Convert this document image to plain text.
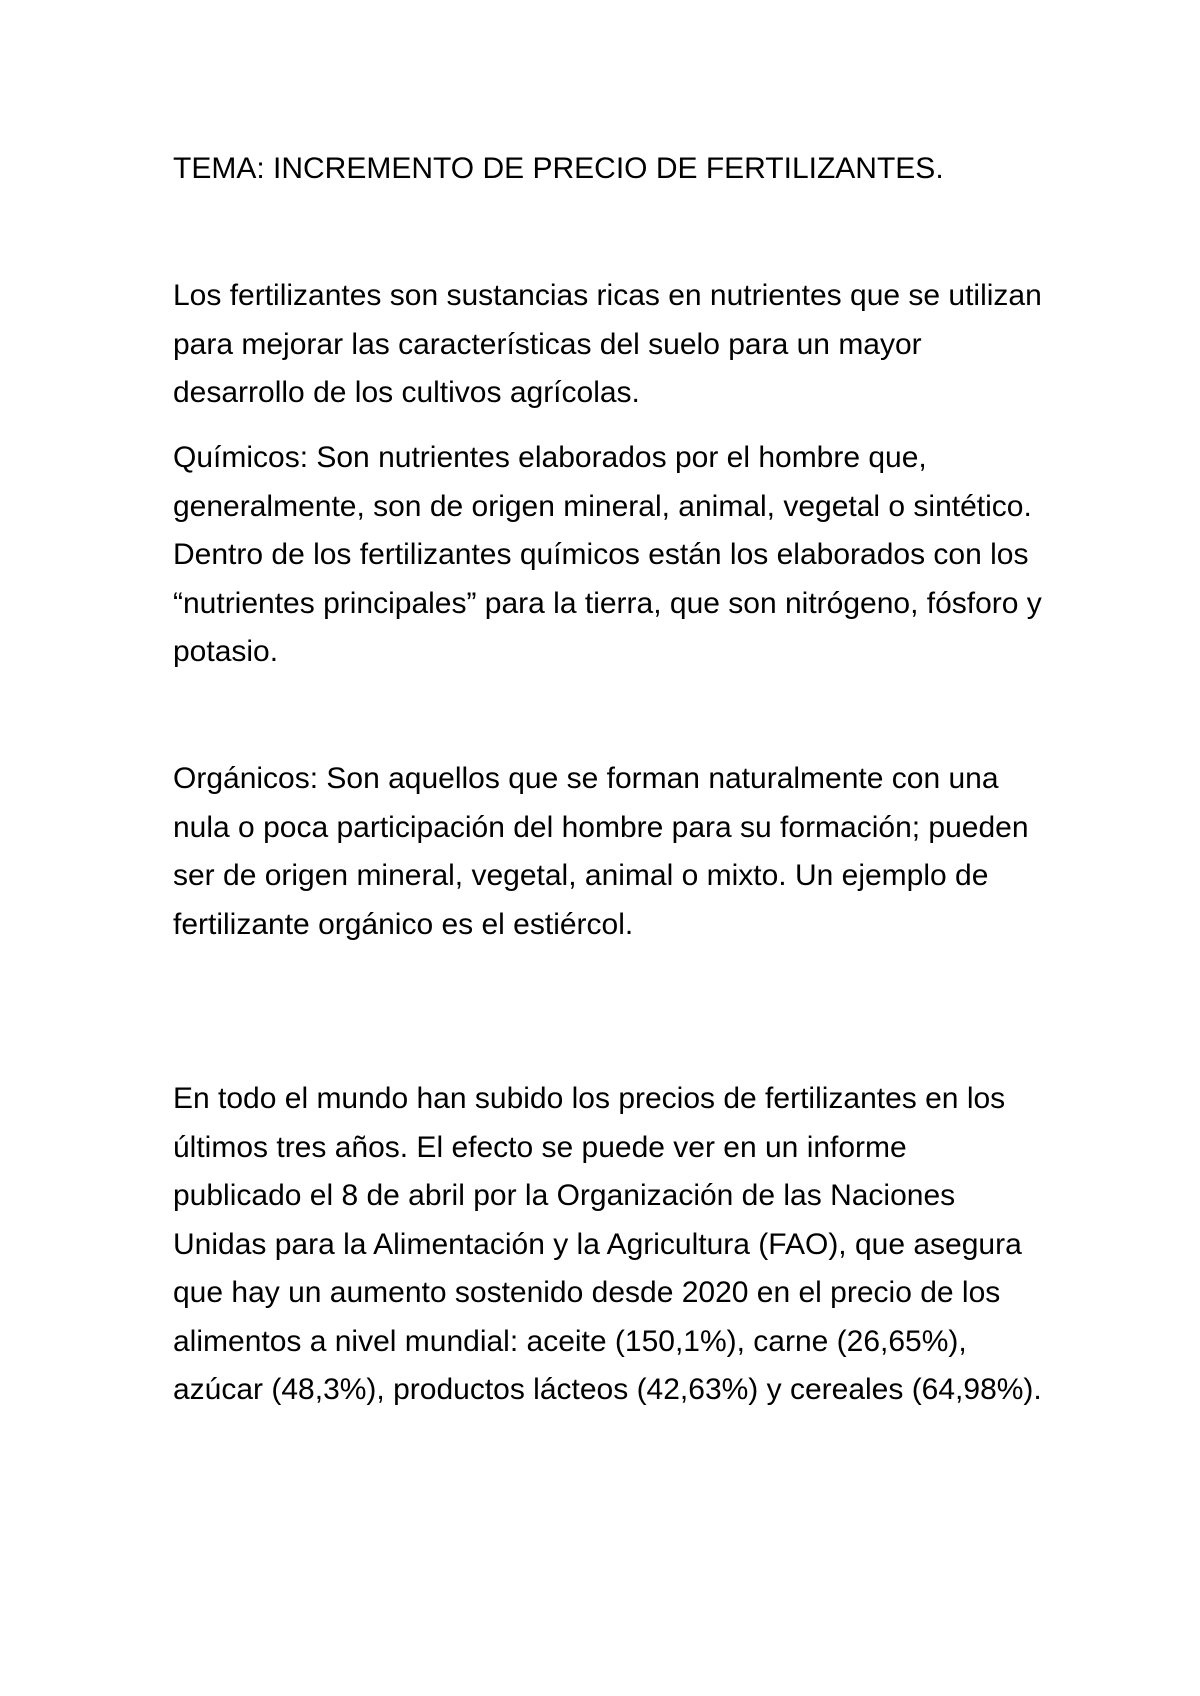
TEMA: INCREMENTO DE PRECIO DE FERTILIZANTES.

Los fertilizantes son sustancias ricas en nutrientes que se utilizan para mejorar las características del suelo para un mayor desarrollo de los cultivos agrícolas.

Químicos: Son nutrientes elaborados por el hombre que, generalmente, son de origen mineral, animal, vegetal o sintético. Dentro de los fertilizantes químicos están los elaborados con los “nutrientes principales” para la tierra, que son nitrógeno, fósforo y potasio.

Orgánicos: Son aquellos que se forman naturalmente con una nula o poca participación del hombre para su formación; pueden ser de origen mineral, vegetal, animal o mixto. Un ejemplo de fertilizante orgánico es el estiércol.

En todo el mundo han subido los precios de fertilizantes en los últimos tres años. El efecto se puede ver en un informe publicado el 8 de abril por la Organización de las Naciones Unidas para la Alimentación y la Agricultura (FAO), que asegura que hay un aumento sostenido desde 2020 en el precio de los alimentos a nivel mundial: aceite (150,1%), carne (26,65%), azúcar (48,3%), productos lácteos (42,63%) y cereales (64,98%).
